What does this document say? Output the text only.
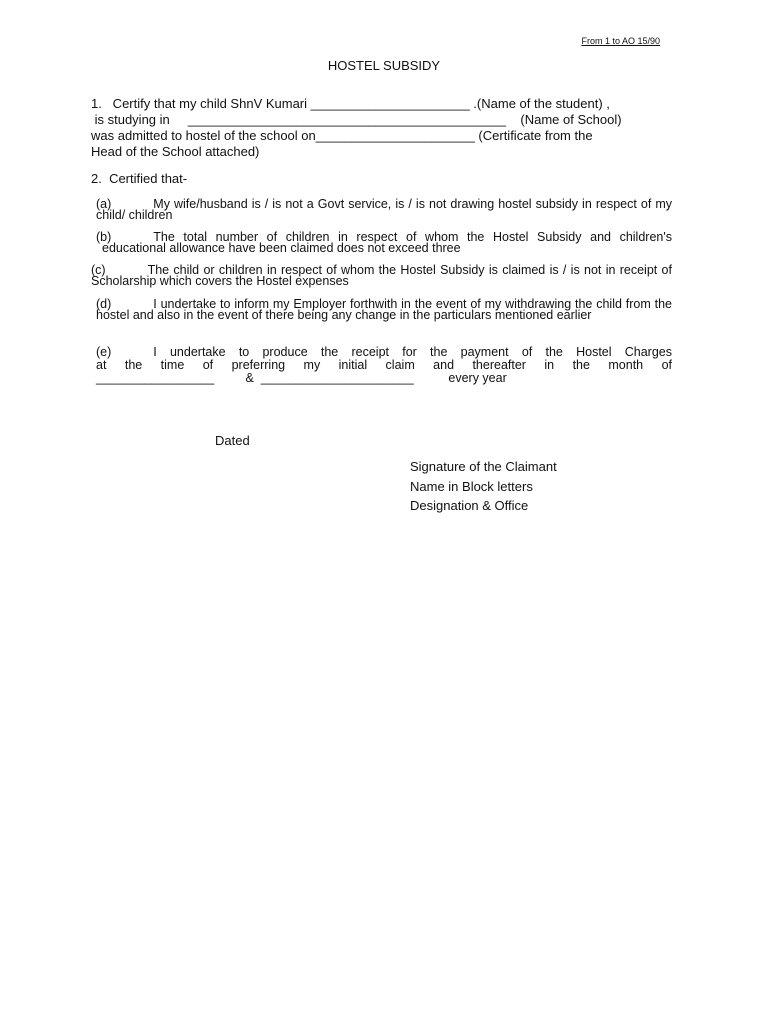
From 1 to AO 15/90
HOSTEL SUBSIDY
1.   Certify that my child ShnV Kumari ______________________ .(Name of the student) ,
is studying in     ____________________________________________    (Name of School)
was admitted to hostel of the school on______________________ (Certificate from the
Head of the School attached)
2.  Certified that-
(a)	My wife/husband is / is not a Govt service, is / is not drawing hostel subsidy in respect of my child/ children
(b)	The total number of children in respect of whom the Hostel Subsidy and children's
educational allowance have been claimed does not exceed three
(c)	The child or children in respect of whom the Hostel Subsidy is claimed is / is not in receipt of Scholarship which covers the Hostel expenses
(d)	I undertake to inform my Employer forthwith in the event of my withdrawing the child from the hostel and also in the event of there being any change in the particulars mentioned earlier
(e)	I undertake to produce the receipt for the payment of the Hostel Charges
at the time of preferring my initial claim and thereafter in the month of
_________________         &  ______________________          every year
Dated
Signature of the Claimant
Name in Block letters
Designation & Office
